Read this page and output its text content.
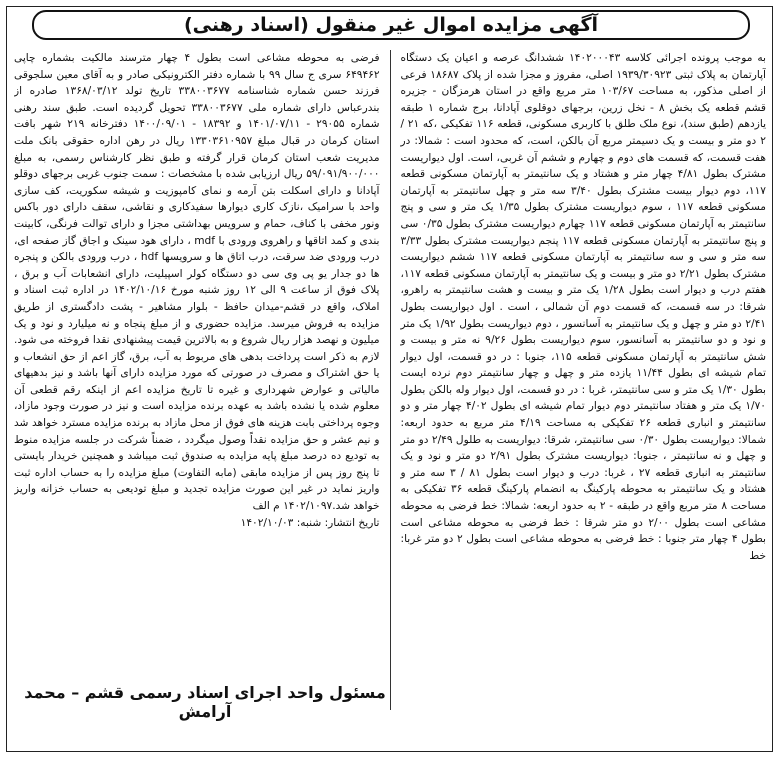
آگهی مزایده اموال غیر منقول (اسناد رهنی)
به موجب پرونده اجرائی کلاسه ۱۴۰۲۰۰۰۴۳ ششدانگ عرصه و اعیان یک دستگاه آپارتمان به پلاک ثبتی ۱۹۳۹/۳۰۹۲۳ اصلی، مفروز و مجزا شده از پلاک ۱۸۶۸۷ فرعی از اصلی مذکور، به مساحت ۱۰۳/۶۷ متر مربع واقع در استان هرمزگان - جزیره قشم قطعه یک بخش ۸ - نخل زرین، برجهای دوقلوی آپادانا، برج شماره ۱ طبقه یازدهم (طبق سند)، نوع ملک طلق با کاربری مسکونی، قطعه ۱۱۶ تفکیکی ،که ۲۱ / ۲ دو متر و بیست و یک دسیمتر مربع آن بالکن، است، که محدود است : شمالا: در هفت قسمت، که قسمت های دوم و چهارم و ششم آن غربی، است. اول دیواریست مشترک بطول ۴/۸۱ چهار متر و هشتاد و یک سانتیمتر به آپارتمان مسکونی قطعه ۱۱۷، دوم دیوار بیست مشترک بطول ۳/۴۰ سه متر و چهل سانتیمتر به آپارتمان مسکونی قطعه ۱۱۷ ، سوم دیواریست مشترک بطول ۱/۳۵ یک متر و سی و پنج سانتیمتر به آپارتمان مسکونی قطعه ۱۱۷ چهارم دیواریست مشترک بطول ۰/۳۵ سی و پنج سانتیمتر به آپارتمان مسکونی قطعه ۱۱۷ پنجم دیواریست مشترک بطول ۳/۳۳ سه متر و سی و سه سانتیمتر به آپارتمان مسکونی قطعه ۱۱۷ ششم دیواریست مشترک بطول ۲/۲۱ دو متر و بیست و یک سانتیمتر به آپارتمان مسکونی قطعه ۱۱۷، هفتم درب و دیوار است بطول ۱/۲۸ یک متر و بیست و هشت سانتیمتر به راهرو، شرقا: در سه قسمت، که قسمت دوم آن شمالی ، است . اول دیواریست بطول ۲/۴۱ دو متر و چهل و یک سانتیمتر به آسانسور ، دوم دیواریست بطول ۱/۹۲ یک متر و نود و دو سانتیمتر به آسانسور، سوم دیواریست بطول ۹/۲۶ نه متر و بیست و شش سانتیمتر به آپارتمان مسکونی قطعه ۱۱۵، جنوبا : در دو قسمت، اول دیوار تمام شیشه ای بطول ۱۱/۴۴ یازده متر و چهل و چهار سانتیمتر دوم نرده ایست بطول ۱/۳۰ یک متر و سی سانتیمتر، غربا : در دو قسمت، اول دیوار وله بالکن بطول ۱/۷۰ یک متر و هفتاد سانتیمتر دوم دیوار تمام شیشه ای بطول ۴/۰۲ چهار متر و دو سانتیمتر و انباری قطعه ۲۶ تفکیکی به مساحت ۴/۱۹ متر مربع به حدود اربعه: شمالا: دیواریست بطول ۰/۳۰ سی سانتیمتر، شرقا: دیواریست به طلول ۲/۴۹ دو متر و چهل و نه سانتیمتر ، جنوبا: دیواریست مشترک بطول ۲/۹۱ دو متر و نود و یک سانتیمتر به انباری قطعه ۲۷ ، غربا: درب و دیوار است بطول ۸۱ / ۳ سه متر و هشتاد و یک سانتیمتر به محوطه پارکینگ به انضمام پارکینگ قطعه ۳۶ تفکیکی به مساحت ۸ متر مربع واقع در طبقه - ۲ به حدود اربعه: شمالا: خط فرضی به محوطه مشاعی است بطول ۲/۰۰ دو متر شرقا : خط فرضی به محوطه مشاعی است بطول ۴ چهار متر جنوبا : خط فرضی به محوطه مشاعی است بطول ۲ دو متر غربا: خط
فرضی به محوطه مشاعی است بطول ۴ چهار مترسند مالکیت بشماره چاپی ۶۴۹۴۶۲ سری ج سال ۹۹ با شماره دفتر الکترونیکی صادر و به آقای معین سلجوقی فرزند حسن شماره شناسنامه ۳۳۸۰۰۳۶۷۷ تاریخ تولد ۱۳۶۸/۰۳/۱۲ صادره از بندرعباس دارای شماره ملی ۳۳۸۰۰۳۶۷۷ تحویل گردیده است. طبق سند رهنی شماره ۲۹۰۵۵ - ۱۴۰۱/۰۷/۱۱ و ۱۸۳۹۲ - ۱۴۰۰/۰۹/۰۱ دفترخانه ۲۱۹ شهر بافت استان کرمان در قبال مبلغ ۱۳۳۰۳۶۱۰۹۵۷ ریال در رهن اداره حقوقی بانک ملت مدیریت شعب استان کرمان قرار گرفته و طبق نظر کارشناس رسمی، به مبلغ ۵۹/۰۹۱/۹۰۰/۰۰۰ ریال ارزیابی شده با مشخصات : سمت جنوب غربی برجهای دوقلو آپادانا و دارای اسکلت بتن آرمه و نمای کامپوزیت و شیشه سکوریت، کف سازی واحد با سرامیک ،نازک کاری دیوارها سفیدکاری و نقاشی، سقف دارای دور باکس ونور مخفی با کناف، حمام و سرویس بهداشتی مجزا و دارای توالت فرنگی، کابینت بندی و کمد اتاقها و راهروی ورودی با mdf ، دارای هود سینک و اجاق گاز صفحه ای، درب ورودی ضد سرقت، درب اتاق ها و سرویسها hdf ، درب ورودی بالکن و پنجره ها دو جدار یو پی وی سی دو دستگاه کولر اسپیلیت، دارای انشعابات آب و برق ، پلاک فوق از ساعت ۹ الی ۱۲ روز شنبه مورخ ۱۴۰۲/۱۰/۱۶ در اداره ثبت اسناد و املاک، واقع در قشم-میدان حافظ - بلوار مشاهیر - پشت دادگستری از طریق مزایده به فروش میرسد. مزایده حضوری و از مبلغ پنجاه و نه میلیارد و نود و یک میلیون و نهصد هزار ریال شروع و به بالاترین قیمت پیشنهادی نقدا فروخته می شود. لازم به ذکر است پرداخت بدهی های مربوط به آب، برق، گاز اعم از حق انشعاب و یا حق اشتراک و مصرف در صورتی که مورد مزایده دارای آنها باشد و نیز بدهیهای مالیاتی و عوارض شهرداری و غیره تا تاریخ مزایده اعم از اینکه رقم قطعی آن معلوم شده یا نشده باشد به عهده برنده مزایده است و نیز در صورت وجود مازاد، وجوه پرداختی بابت هزینه های فوق از محل مازاد به برنده مزایده مسترد خواهد شد و نیم عشر و حق مزایده نقداً وصول میگردد ، ضمناً شرکت در جلسه مزایده منوط به تودیع ده درصد مبلغ پایه مزایده به صندوق ثبت میباشد و همچنین خریدار بایستی تا پنج روز پس از مزایده مابقی (مابه التفاوت) مبلغ مزایده را به حساب اداره ثبت واریز نماید در غیر این صورت مزایده تجدید و مبلغ تودیعی به حساب خزانه واریز خواهد شد.۱۴۰۲/۱۰۹۷ م الف
تاریخ انتشار: شنبه: ۱۴۰۲/۱۰/۰۳
مسئول واحد اجرای اسناد رسمی قشم – محمد آرامش
